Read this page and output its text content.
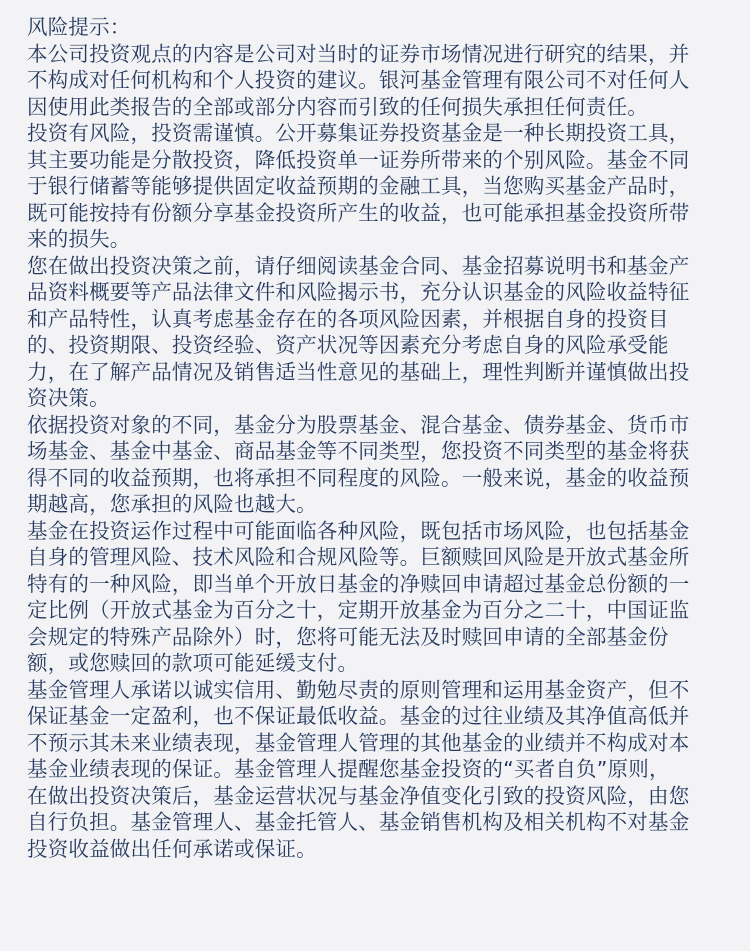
风险提示：

本公司投资观点的内容是公司对当时的证券市场情况进行研究的结果，并
不构成对任何机构和个人投资的建议。银河基金管理有限公司不对任何人
因使用此类报告的全部或部分内容而引致的任何损失承担任何责任。

投资有风险，投资需谨慎。公开募集证券投资基金是一种长期投资工具，
其主要功能是分散投资，降低投资单一证券所带来的个别风险。基金不同
于银行储蓄等能够提供固定收益预期的金融工具，当您购买基金产品时，
既可能按持有份额分享基金投资所产生的收益，也可能承担基金投资所带
来的损失。

您在做出投资决策之前，请仔细阅读基金合同、基金招募说明书和基金产
品资料概要等产品法律文件和风险揭示书，充分认识基金的风险收益特征
和产品特性，认真考虑基金存在的各项风险因素，并根据自身的投资目
的、投资期限、投资经验、资产状况等因素充分考虑自身的风险承受能
力，在了解产品情况及销售适当性意见的基础上，理性判断并谨慎做出投
资决策。

依据投资对象的不同，基金分为股票基金、混合基金、债券基金、货币市
场基金、基金中基金、商品基金等不同类型，您投资不同类型的基金将获
得不同的收益预期，也将承担不同程度的风险。一般来说，基金的收益预
期越高，您承担的风险也越大。

基金在投资运作过程中可能面临各种风险，既包括市场风险，也包括基金
自身的管理风险、技术风险和合规风险等。巨额赎回风险是开放式基金所
特有的一种风险，即当单个开放日基金的净赎回申请超过基金总份额的一
定比例（开放式基金为百分之十，定期开放基金为百分之二十，中国证监
会规定的特殊产品除外）时，您将可能无法及时赎回申请的全部基金份
额，或您赎回的款项可能延缓支付。

基金管理人承诺以诚实信用、勤勉尽责的原则管理和运用基金资产，但不
保证基金一定盈利，也不保证最低收益。基金的过往业绩及其净值高低并
不预示其未来业绩表现，基金管理人管理的其他基金的业绩并不构成对本
基金业绩表现的保证。基金管理人提醒您基金投资的“买者自负”原则，
在做出投资决策后，基金运营状况与基金净值变化引致的投资风险，由您
自行负担。基金管理人、基金托管人、基金销售机构及相关机构不对基金
投资收益做出任何承诺或保证。
